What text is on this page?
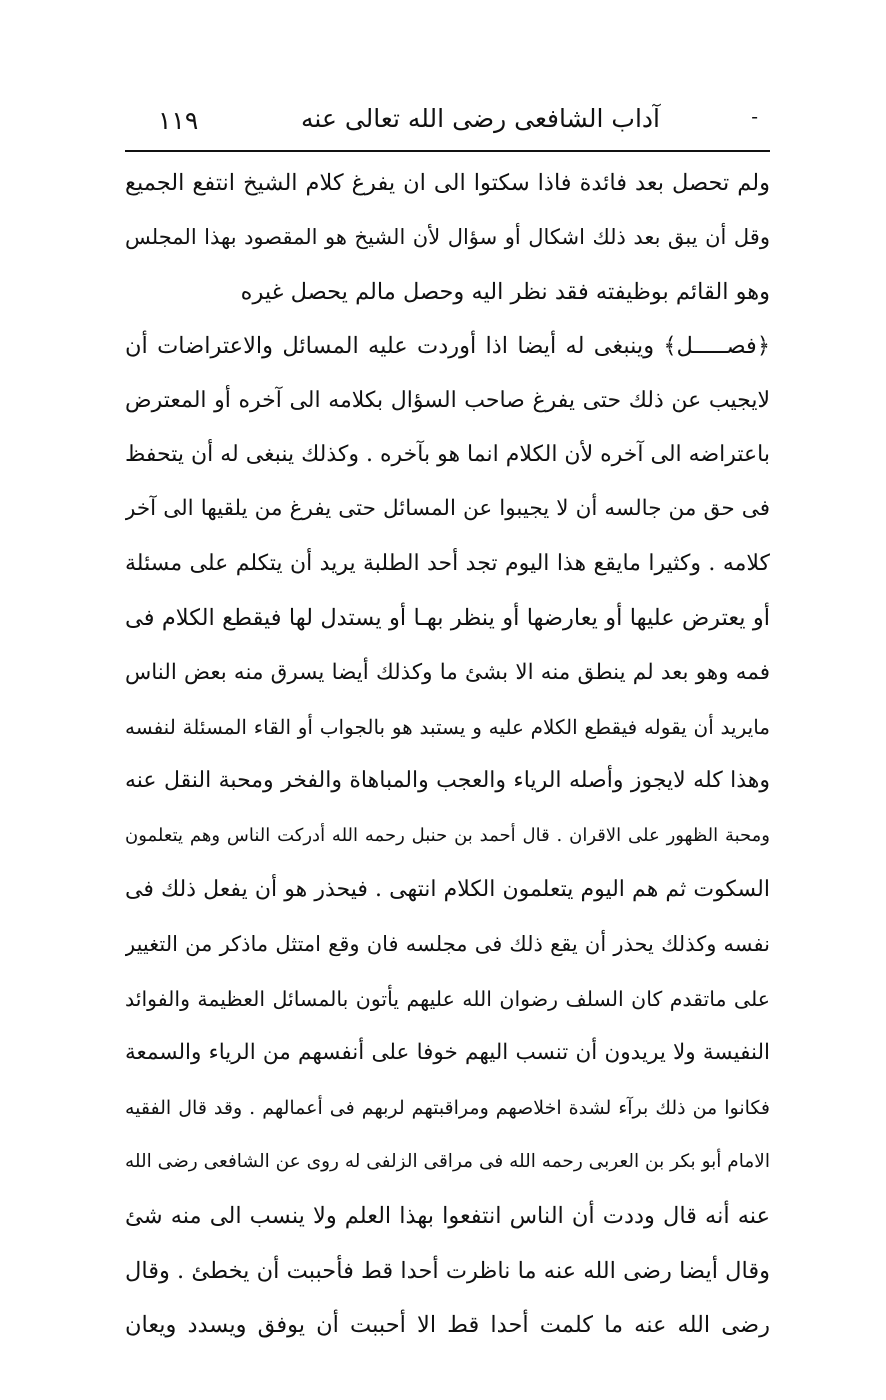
-
آداب الشافعى رضى الله تعالى عنه
١١٩
ولم تحصل بعد فائدة فاذا سكتوا الى ان يفرغ كلام الشيخ انتفع الجميع
وقل أن يبق بعد ذلك اشكال أو سؤال لأن الشيخ هو المقصود بهذا المجلس
وهو القائم بوظيفته فقد نظر اليه وحصل مالم يحصل غيره
﴿فصـــــل﴾ وينبغى له أيضا اذا أوردت عليه المسائل والاعتراضات أن
لايجيب عن ذلك حتى يفرغ صاحب السؤال بكلامه الى آخره أو المعترض
باعتراضه الى آخره لأن الكلام انما هو بآخره . وكذلك ينبغى له أن يتحفظ
فى حق من جالسه أن لا يجيبوا عن المسائل حتى يفرغ من يلقيها الى آخر
كلامه . وكثيرا مايقع هذا اليوم تجد أحد الطلبة يريد أن يتكلم على مسئلة
أو يعترض عليها أو يعارضها أو ينظر بهـا أو يستدل لها فيقطع الكلام فى
فمه وهو بعد لم ينطق منه الا بشئ ما وكذلك أيضا يسرق منه بعض الناس
مايريد أن يقوله فيقطع الكلام عليه و يستبد هو بالجواب أو القاء المسئلة لنفسه
وهذا كله لايجوز وأصله الرياء والعجب والمباهاة والفخر ومحبة النقل عنه
ومحبة الظهور على الاقران . قال أحمد بن حنبل رحمه الله أدركت الناس وهم يتعلمون
السكوت ثم هم اليوم يتعلمون الكلام انتهى . فيحذر هو أن يفعل ذلك فى
نفسه وكذلك يحذر أن يقع ذلك فى مجلسه فان وقع امتثل ماذكر من التغيير
على ماتقدم كان السلف رضوان الله عليهم يأتون بالمسائل العظيمة والفوائد
النفيسة ولا يريدون أن تنسب اليهم خوفا على أنفسهم من الرياء والسمعة
فكانوا من ذلك برآء لشدة اخلاصهم ومراقبتهم لربهم فى أعمالهم . وقد قال الفقيه
الامام أبو بكر بن العربى رحمه الله فى مراقى الزلفى له روى عن الشافعى رضى الله
عنه أنه قال وددت أن الناس انتفعوا بهذا العلم ولا ينسب الى منه شئ
وقال أيضا رضى الله عنه ما ناظرت أحدا قط فأحببت أن يخطئ . وقال
رضى الله عنه ما كلمت أحدا قط الا أحببت أن يوفق ويسدد ويعان
